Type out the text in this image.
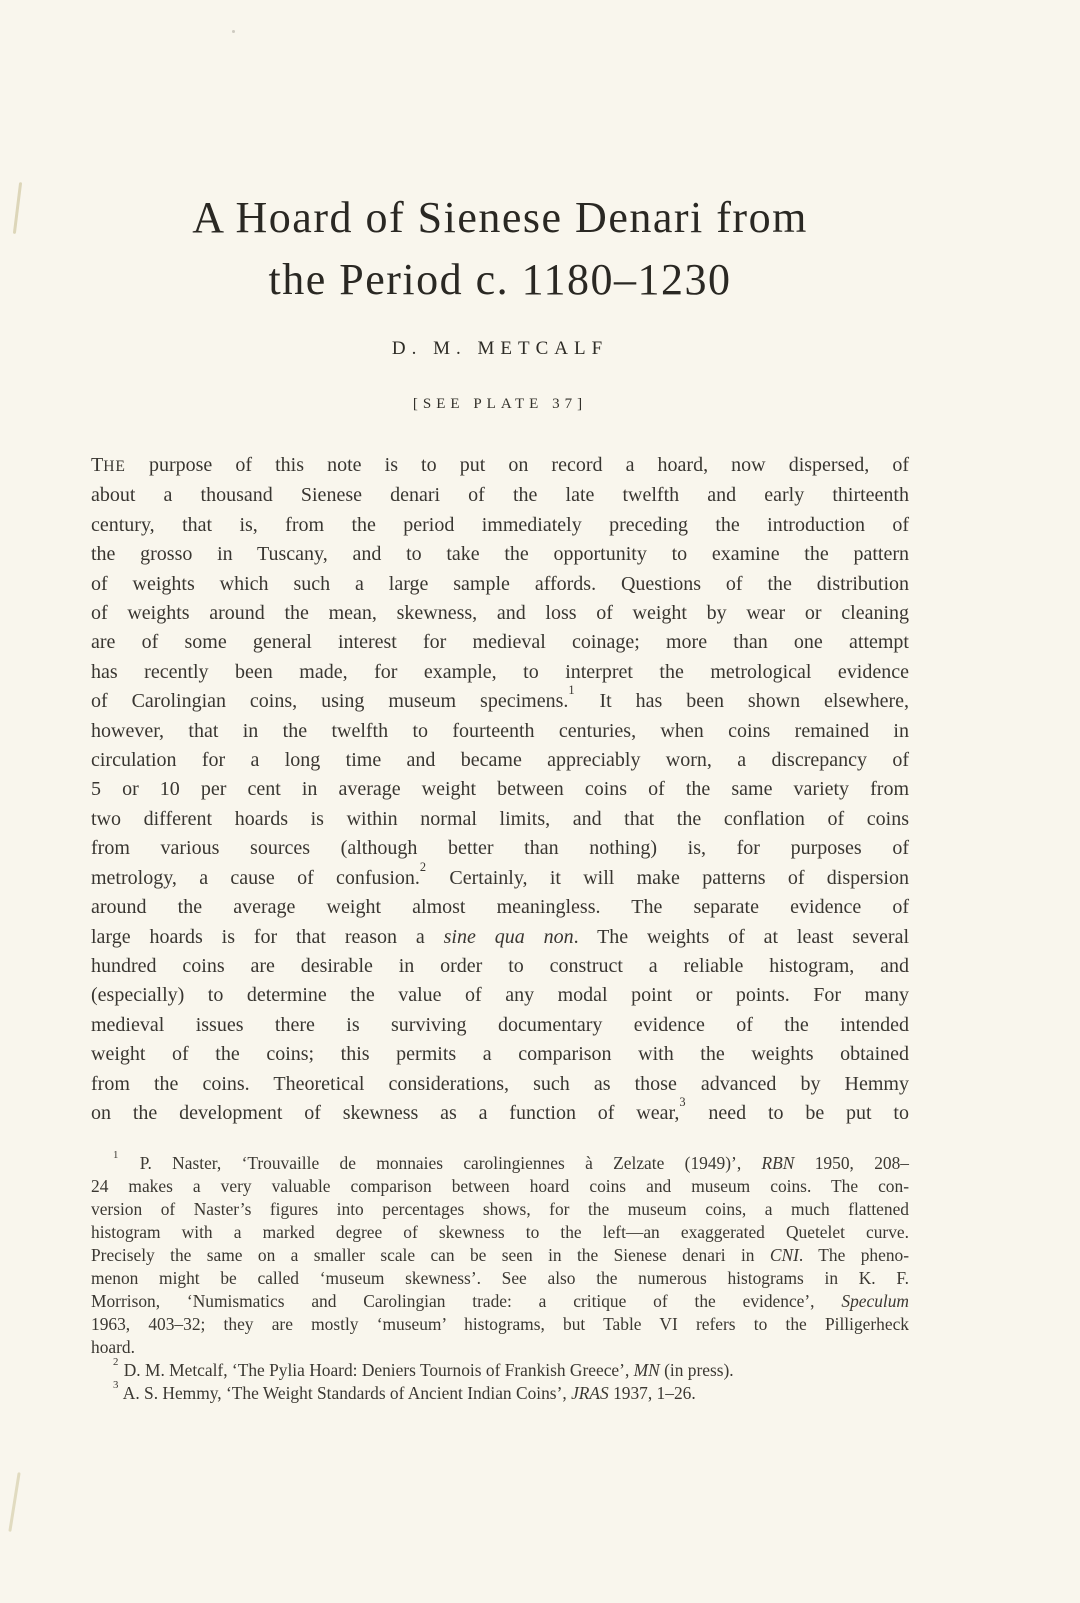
A Hoard of Sienese Denari from
the Period c. 1180–1230
D. M. METCALF
[SEE PLATE 37]
THE purpose of this note is to put on record a hoard, now dispersed, of
about a thousand Sienese denari of the late twelfth and early thirteenth
century, that is, from the period immediately preceding the introduction of
the grosso in Tuscany, and to take the opportunity to examine the pattern
of weights which such a large sample affords. Questions of the distribution
of weights around the mean, skewness, and loss of weight by wear or cleaning
are of some general interest for medieval coinage; more than one attempt
has recently been made, for example, to interpret the metrological evidence
of Carolingian coins, using museum specimens.$^1$ It has been shown elsewhere,
however, that in the twelfth to fourteenth centuries, when coins remained in
circulation for a long time and became appreciably worn, a discrepancy of
5 or 10 per cent in average weight between coins of the same variety from
two different hoards is within normal limits, and that the conflation of coins
from various sources (although better than nothing) is, for purposes of
metrology, a cause of confusion.$^2$ Certainly, it will make patterns of dispersion
around the average weight almost meaningless. The separate evidence of
large hoards is for that reason a sine qua non. The weights of at least several
hundred coins are desirable in order to construct a reliable histogram, and
(especially) to determine the value of any modal point or points. For many
medieval issues there is surviving documentary evidence of the intended
weight of the coins; this permits a comparison with the weights obtained
from the coins. Theoretical considerations, such as those advanced by Hemmy
on the development of skewness as a function of wear,$^3$ need to be put to
$^1$ P. Naster, ‘Trouvaille de monnaies carolingiennes à Zelzate (1949)’, RBN 1950, 208–
24 makes a very valuable comparison between hoard coins and museum coins. The con-
version of Naster’s figures into percentages shows, for the museum coins, a much flattened
histogram with a marked degree of skewness to the left—an exaggerated Quetelet curve.
Precisely the same on a smaller scale can be seen in the Sienese denari in CNI. The pheno-
menon might be called ‘museum skewness’. See also the numerous histograms in K. F.
Morrison, ‘Numismatics and Carolingian trade: a critique of the evidence’, Speculum
1963, 403–32; they are mostly ‘museum’ histograms, but Table VI refers to the Pilligerheck
hoard.
$^2$ D. M. Metcalf, ‘The Pylia Hoard: Deniers Tournois of Frankish Greece’, MN (in press).
$^3$ A. S. Hemmy, ‘The Weight Standards of Ancient Indian Coins’, JRAS 1937, 1–26.
